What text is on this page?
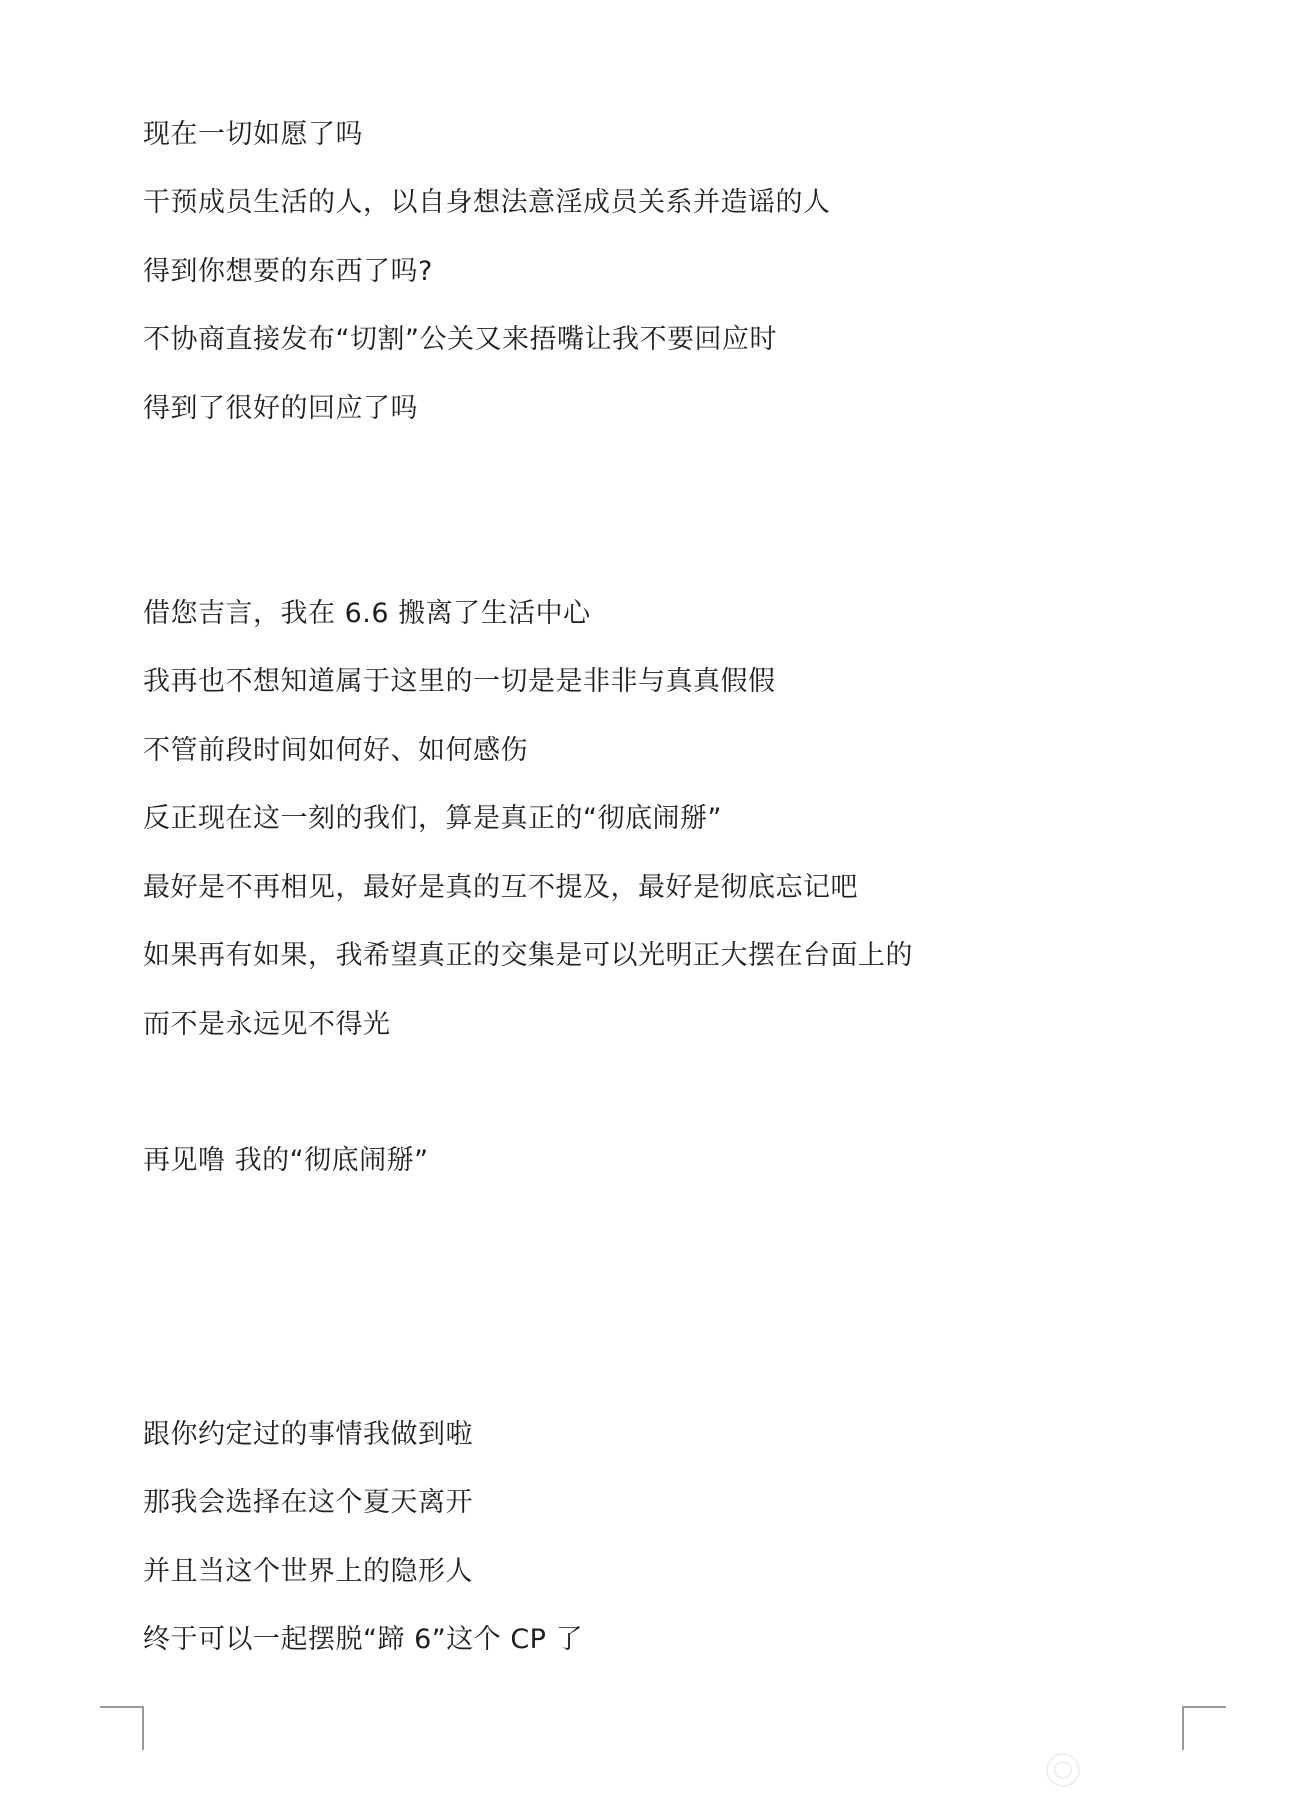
现在一切如愿了吗
干预成员生活的人，以自身想法意淫成员关系并造谣的人
得到你想要的东西了吗?
不协商直接发布“切割”公关又来捂嘴让我不要回应时
得到了很好的回应了吗
借您吉言，我在 6.6 搬离了生活中心
我再也不想知道属于这里的一切是是非非与真真假假
不管前段时间如何好、如何感伤
反正现在这一刻的我们，算是真正的“彻底闹掰”
最好是不再相见，最好是真的互不提及，最好是彻底忘记吧
如果再有如果，我希望真正的交集是可以光明正大摆在台面上的
而不是永远见不得光
再见噜 我的“彻底闹掰”
跟你约定过的事情我做到啦
那我会选择在这个夏天离开
并且当这个世界上的隐形人
终于可以一起摆脱“蹄 6”这个 CP 了
